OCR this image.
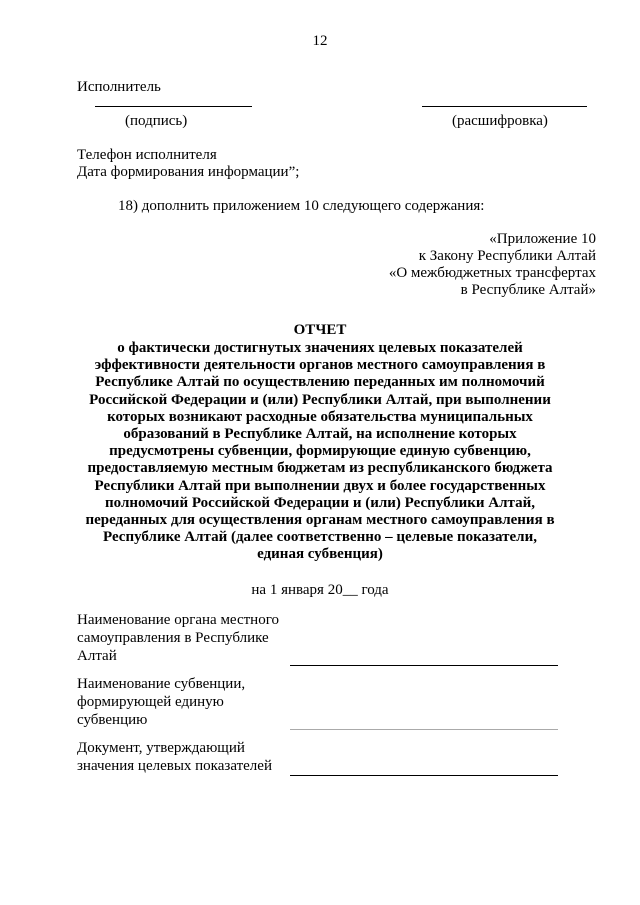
12
Исполнитель
(подпись)	(расшифровка)
Телефон исполнителя
Дата формирования информации”;
18) дополнить приложением 10 следующего содержания:
«Приложение 10
к Закону Республики Алтай
«О межбюджетных трансфертах
в Республике Алтай»
ОТЧЕТ
о фактически достигнутых значениях целевых показателей
эффективности деятельности органов местного самоуправления в
Республике Алтай по осуществлению переданных им полномочий
Российской Федерации и (или) Республики Алтай, при выполнении
которых возникают расходные обязательства муниципальных
образований в Республике Алтай, на исполнение которых
предусмотрены субвенции, формирующие единую субвенцию,
предоставляемую местным бюджетам из республиканского бюджета
Республики Алтай при выполнении двух и более государственных
полномочий Российской Федерации и (или) Республики Алтай,
переданных для осуществления органам местного самоуправления в
Республике Алтай (далее соответственно – целевые показатели,
единая субвенция)
на 1 января 20__ года
Наименование органа местного
самоуправления в Республике
Алтай
Наименование субвенции,
формирующей единую
субвенцию
Документ, утверждающий
значения целевых показателей
